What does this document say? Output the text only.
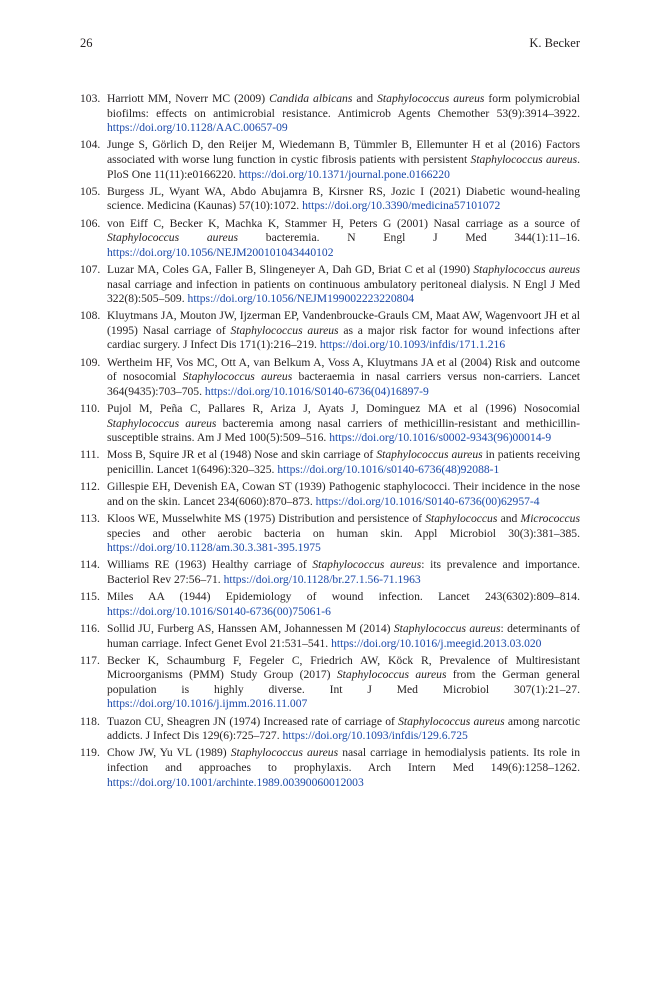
26	K. Becker
103. Harriott MM, Noverr MC (2009) Candida albicans and Staphylococcus aureus form polymicrobial biofilms: effects on antimicrobial resistance. Antimicrob Agents Chemother 53(9):3914–3922. https://doi.org/10.1128/AAC.00657-09
104. Junge S, Görlich D, den Reijer M, Wiedemann B, Tümmler B, Ellemunter H et al (2016) Factors associated with worse lung function in cystic fibrosis patients with persistent Staphylococcus aureus. PloS One 11(11):e0166220. https://doi.org/10.1371/journal.pone.0166220
105. Burgess JL, Wyant WA, Abdo Abujamra B, Kirsner RS, Jozic I (2021) Diabetic wound-healing science. Medicina (Kaunas) 57(10):1072. https://doi.org/10.3390/medicina57101072
106. von Eiff C, Becker K, Machka K, Stammer H, Peters G (2001) Nasal carriage as a source of Staphylococcus aureus bacteremia. N Engl J Med 344(1):11–16. https://doi.org/10.1056/NEJM200101043440102
107. Luzar MA, Coles GA, Faller B, Slingeneyer A, Dah GD, Briat C et al (1990) Staphylococcus aureus nasal carriage and infection in patients on continuous ambulatory peritoneal dialysis. N Engl J Med 322(8):505–509. https://doi.org/10.1056/NEJM199002223220804
108. Kluytmans JA, Mouton JW, Ijzerman EP, Vandenbroucke-Grauls CM, Maat AW, Wagenvoort JH et al (1995) Nasal carriage of Staphylococcus aureus as a major risk factor for wound infections after cardiac surgery. J Infect Dis 171(1):216–219. https://doi.org/10.1093/infdis/171.1.216
109. Wertheim HF, Vos MC, Ott A, van Belkum A, Voss A, Kluytmans JA et al (2004) Risk and outcome of nosocomial Staphylococcus aureus bacteraemia in nasal carriers versus non-carriers. Lancet 364(9435):703–705. https://doi.org/10.1016/S0140-6736(04)16897-9
110. Pujol M, Peña C, Pallares R, Ariza J, Ayats J, Dominguez MA et al (1996) Nosocomial Staphylococcus aureus bacteremia among nasal carriers of methicillin-resistant and methicillin-susceptible strains. Am J Med 100(5):509–516. https://doi.org/10.1016/s0002-9343(96)00014-9
111. Moss B, Squire JR et al (1948) Nose and skin carriage of Staphylococcus aureus in patients receiving penicillin. Lancet 1(6496):320–325. https://doi.org/10.1016/s0140-6736(48)92088-1
112. Gillespie EH, Devenish EA, Cowan ST (1939) Pathogenic staphylococci. Their incidence in the nose and on the skin. Lancet 234(6060):870–873. https://doi.org/10.1016/S0140-6736(00)62957-4
113. Kloos WE, Musselwhite MS (1975) Distribution and persistence of Staphylococcus and Micrococcus species and other aerobic bacteria on human skin. Appl Microbiol 30(3):381–385. https://doi.org/10.1128/am.30.3.381-395.1975
114. Williams RE (1963) Healthy carriage of Staphylococcus aureus: its prevalence and importance. Bacteriol Rev 27:56–71. https://doi.org/10.1128/br.27.1.56-71.1963
115. Miles AA (1944) Epidemiology of wound infection. Lancet 243(6302):809–814. https://doi.org/10.1016/S0140-6736(00)75061-6
116. Sollid JU, Furberg AS, Hanssen AM, Johannessen M (2014) Staphylococcus aureus: determinants of human carriage. Infect Genet Evol 21:531–541. https://doi.org/10.1016/j.meegid.2013.03.020
117. Becker K, Schaumburg F, Fegeler C, Friedrich AW, Köck R, Prevalence of Multiresistant Microorganisms (PMM) Study Group (2017) Staphylococcus aureus from the German general population is highly diverse. Int J Med Microbiol 307(1):21–27. https://doi.org/10.1016/j.ijmm.2016.11.007
118. Tuazon CU, Sheagren JN (1974) Increased rate of carriage of Staphylococcus aureus among narcotic addicts. J Infect Dis 129(6):725–727. https://doi.org/10.1093/infdis/129.6.725
119. Chow JW, Yu VL (1989) Staphylococcus aureus nasal carriage in hemodialysis patients. Its role in infection and approaches to prophylaxis. Arch Intern Med 149(6):1258–1262. https://doi.org/10.1001/archinte.1989.00390060012003
